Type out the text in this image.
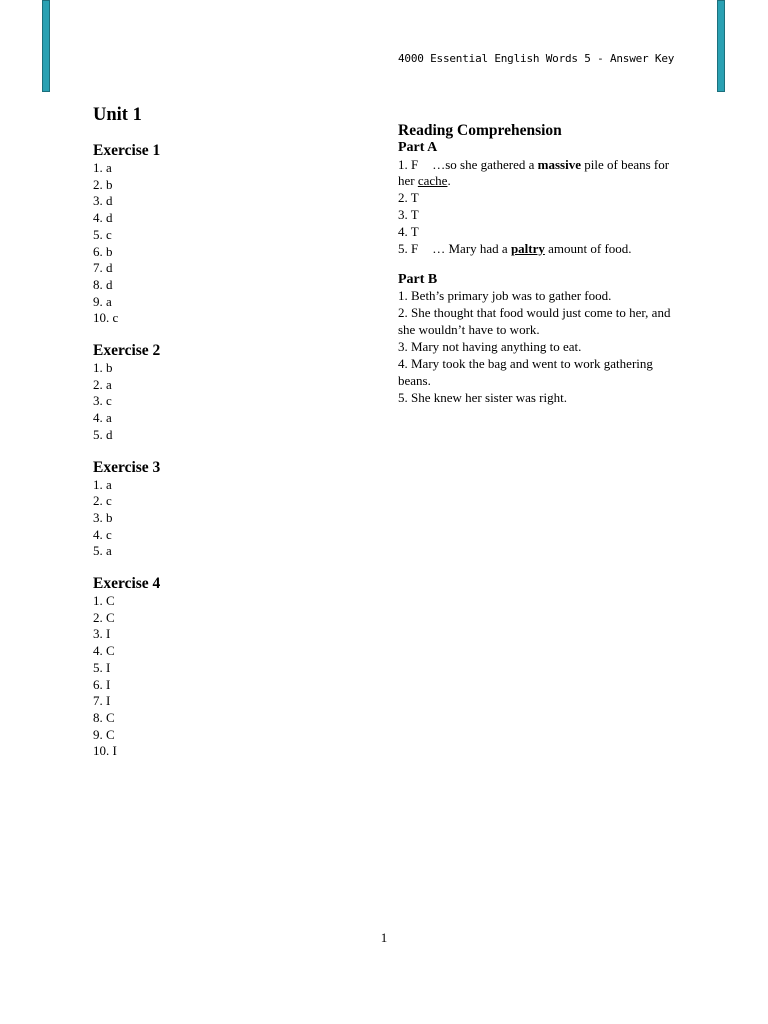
4000 Essential English Words 5 - Answer Key
Unit 1
Exercise 1
1. a
2. b
3. d
4. d
5. c
6. b
7. d
8. d
9. a
10. c
Exercise 2
1. b
2. a
3. c
4. a
5. d
Exercise 3
1. a
2. c
3. b
4. c
5. a
Exercise 4
1. C
2. C
3. I
4. C
5. I
6. I
7. I
8. C
9. C
10. I
Reading Comprehension
Part A
1. F …so she gathered a massive pile of beans for her cache.
2. T
3. T
4. T
5. F … Mary had a paltry amount of food.
Part B
1. Beth’s primary job was to gather food.
2. She thought that food would just come to her, and she wouldn’t have to work.
3. Mary not having anything to eat.
4. Mary took the bag and went to work gathering beans.
5. She knew her sister was right.
1
